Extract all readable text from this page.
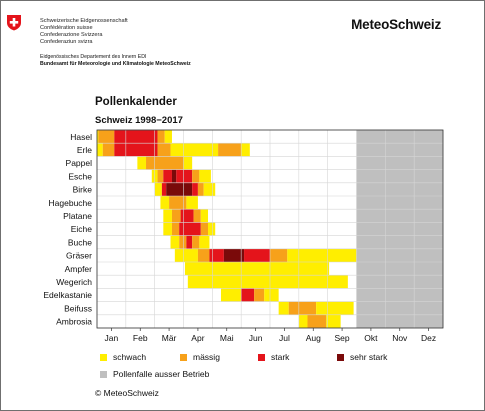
Schweizerische Eidgenossenschaft
Confédération suisse
Confederazione Svizzera
Confederaziun svizra
Eidgenössisches Departement des Innern EDI
Bundesamt für Meteorologie und Klimatologie MeteoSchweiz
MeteoSchweiz
Pollenkalender
Schweiz 1998−2017
Hasel
Erle
Pappel
Esche
Birke
Hagebuche
Platane
Eiche
Buche
Gräser
Ampfer
Wegerich
Edelkastanie
Beifuss
Ambrosia
Jan Feb Mär Apr Mai Jun Jul Aug Sep Okt Nov Dez
schwach	mässig	stark	sehr stark
Pollenfalle ausser Betrieb
© MeteoSchweiz
